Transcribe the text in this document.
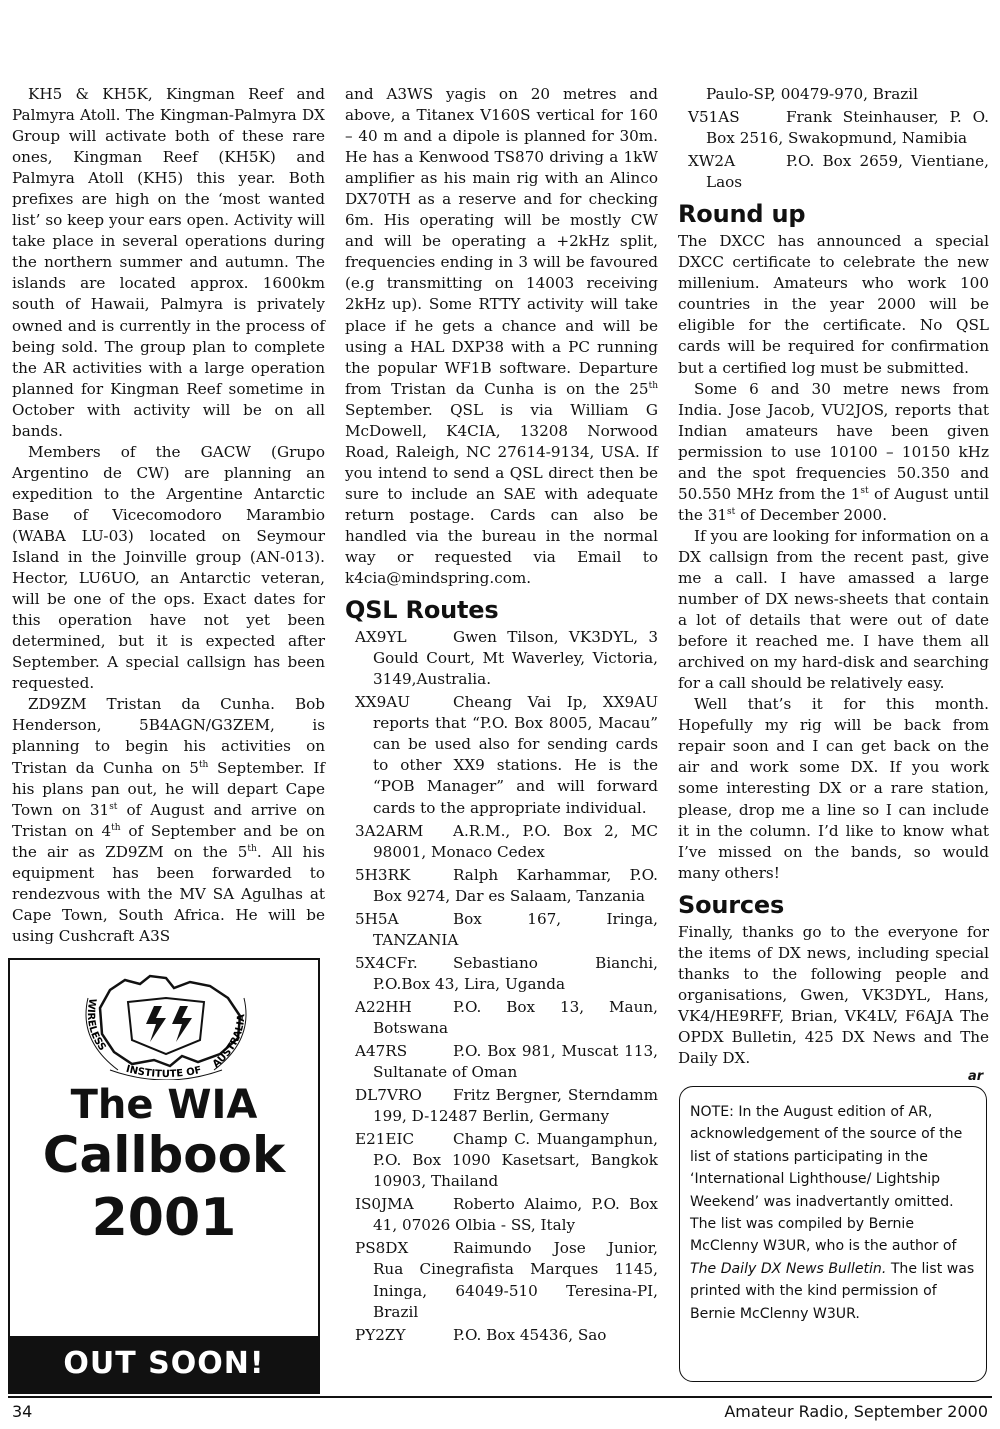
KH5 & KH5K, Kingman Reef and Palmyra Atoll. The Kingman-Palmyra DX Group will activate both of these rare ones, Kingman Reef (KH5K) and Palmyra Atoll (KH5) this year. Both prefixes are high on the ‘most wanted list’ so keep your ears open. Activity will take place in several operations during the northern summer and autumn. The islands are located approx. 1600km south of Hawaii, Palmyra is privately owned and is currently in the process of being sold. The group plan to complete the AR activities with a large operation planned for Kingman Reef sometime in October with activity will be on all bands.

Members of the GACW (Grupo Argentino de CW) are planning an expedition to the Argentine Antarctic Base of Vicecomodoro Marambio (WABA LU-03) located on Seymour Island in the Joinville group (AN-013). Hector, LU6UO, an Antarctic veteran, will be one of the ops. Exact dates for this operation have not yet been determined, but it is expected after September. A special callsign has been requested.

ZD9ZM Tristan da Cunha. Bob Henderson, 5B4AGN/G3ZEM, is planning to begin his activities on Tristan da Cunha on 5th September. If his plans pan out, he will depart Cape Town on 31st of August and arrive on Tristan on 4th of September and be on the air as ZD9ZM on the 5th. All his equipment has been forwarded to rendezvous with the MV SA Agulhas at Cape Town, South Africa. He will be using Cushcraft A3S

WIRELESS
INSTITUTE OF
AUSTRALIA
The WIA
Callbook
2001
OUT SOON!

and A3WS yagis on 20 metres and above, a Titanex V160S vertical for 160 – 40 m and a dipole is planned for 30m. He has a Kenwood TS870 driving a 1kW amplifier as his main rig with an Alinco DX70TH as a reserve and for checking 6m. His operating will be mostly CW and will be operating a +2kHz split, frequencies ending in 3 will be favoured (e.g transmitting on 14003 receiving 2kHz up). Some RTTY activity will take place if he gets a chance and will be using a HAL DXP38 with a PC running the popular WF1B software. Departure from Tristan da Cunha is on the 25th September. QSL is via William G McDowell, K4CIA, 13208 Norwood Road, Raleigh, NC 27614-9134, USA. If you intend to send a QSL direct then be sure to include an SAE with adequate return postage. Cards can also be handled via the bureau in the normal way or requested via Email to k4cia@mindspring.com.

QSL Routes
AX9YL	Gwen Tilson, VK3DYL, 3 Gould Court, Mt Waverley, Victoria, 3149,Australia.
XX9AU	Cheang Vai Ip, XX9AU reports that “P.O. Box 8005, Macau” can be used also for sending cards to other XX9 stations. He is the “POB Manager” and will forward cards to the appropriate individual.
3A2ARM	A.R.M., P.O. Box 2, MC 98001, Monaco Cedex
5H3RK	Ralph Karhammar, P.O. Box 9274, Dar es Salaam, Tanzania
5H5A	Box 167, Iringa, TANZANIA
5X4CFr.	Sebastiano Bianchi, P.O.Box 43, Lira, Uganda
A22HH	P.O. Box 13, Maun, Botswana
A47RS	P.O. Box 981, Muscat 113, Sultanate of Oman
DL7VRO	Fritz Bergner, Sterndamm 199, D-12487 Berlin, Germany
E21EIC	Champ C. Muangamphun, P.O. Box 1090 Kasetsart, Bangkok 10903, Thailand
IS0JMA	Roberto Alaimo, P.O. Box 41, 07026 Olbia - SS, Italy
PS8DX	Raimundo Jose Junior, Rua Cinegrafista Marques 1145, Ininga, 64049-510 Teresina-PI, Brazil
PY2ZY	P.O. Box 45436, Sao
Paulo-SP, 00479-970, Brazil
V51AS	Frank Steinhauser, P. O. Box 2516, Swakopmund, Namibia
XW2A	P.O. Box 2659, Vientiane, Laos
Round up

The DXCC has announced a special DXCC certificate to celebrate the new millenium. Amateurs who work 100 countries in the year 2000 will be eligible for the certificate. No QSL cards will be required for confirmation but a certified log must be submitted.

Some 6 and 30 metre news from India. Jose Jacob, VU2JOS, reports that Indian amateurs have been given permission to use 10100 – 10150 kHz and the spot frequencies 50.350 and 50.550 MHz from the 1st of August until the 31st of December 2000.

If you are looking for information on a DX callsign from the recent past, give me a call. I have amassed a large number of DX news-sheets that contain a lot of details that were out of date before it reached me. I have them all archived on my hard-disk and searching for a call should be relatively easy.

Well that’s it for this month. Hopefully my rig will be back from repair soon and I can get back on the air and work some DX. If you work some interesting DX or a rare station, please, drop me a line so I can include it in the column. I’d like to know what I’ve missed on the bands, so would many others!

Sources

Finally, thanks go to the everyone for the items of DX news, including special thanks to the following people and organisations, Gwen, VK3DYL, Hans, VK4/HE9RFF, Brian, VK4LV, F6AJA The OPDX Bulletin, 425 DX News and The Daily DX.

ar
NOTE: In the August edition of AR, acknowledgement of the source of the list of stations participating in the ‘International Lighthouse/ Lightship Weekend’ was inadvertantly omitted. The list was compiled by Bernie McClenny W3UR, who is the author of The Daily DX News Bulletin. The list was printed with the kind permission of Bernie McClenny W3UR.
34	Amateur Radio, September 2000
